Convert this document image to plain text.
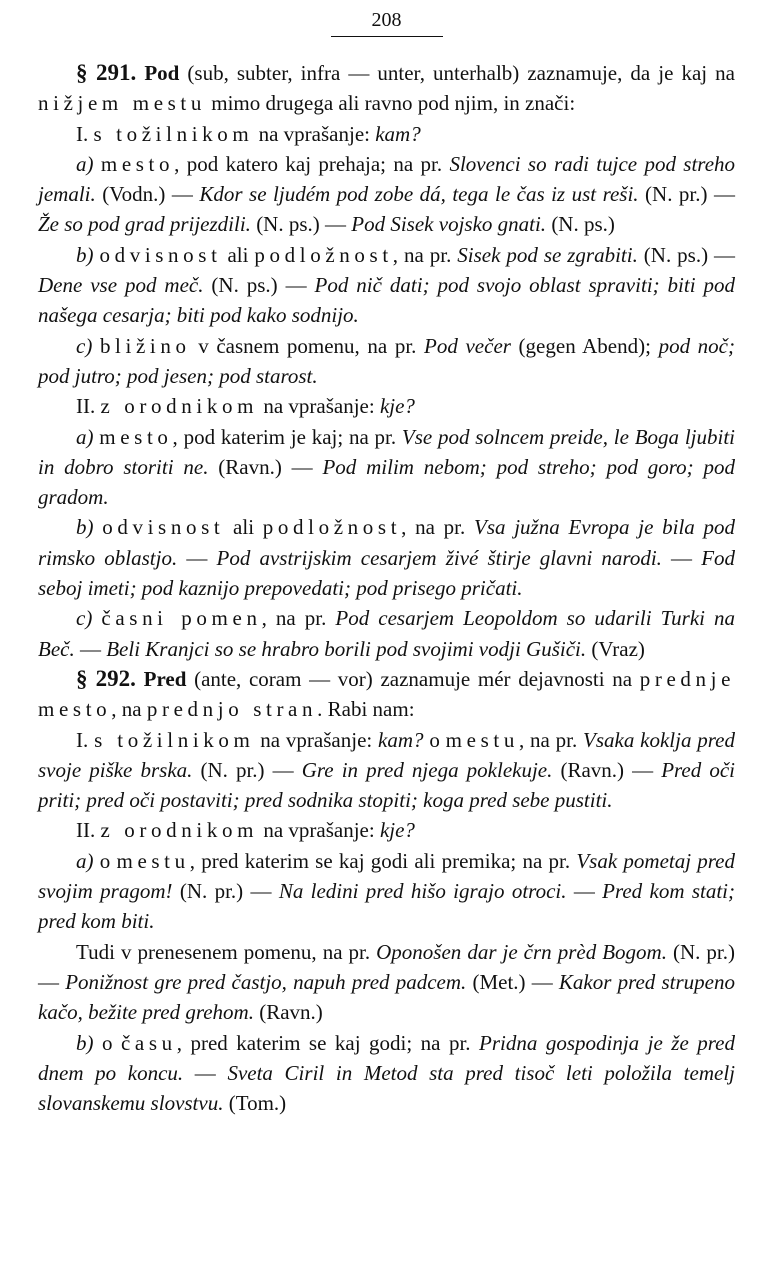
208

§ 291. Pod (sub, subter, infra — unter, unterhalb) zaznamuje, da je kaj na nižjem mestu mimo drugega ali ravno pod njim, in znači:

I. s tožilnikom na vprašanje: kam?

a) mesto, pod katero kaj prehaja; na pr. Slovenci so radi tujce pod streho jemali. (Vodn.) — Kdor se ljudém pod zobe dá, tega le čas iz ust reši. (N. pr.) — Že so pod grad prijezdili. (N. ps.) — Pod Sisek vojsko gnati. (N. ps.)

b) odvisnost ali podložnost, na pr. Sisek pod se zgrabiti. (N. ps.) — Dene vse pod meč. (N. ps.) — Pod nič dati; pod svojo oblast spraviti; biti pod našega cesarja; biti pod kako sodnijo.

c) bližino v časnem pomenu, na pr. Pod večer (gegen Abend); pod noč; pod jutro; pod jesen; pod starost.

II. z orodnikom na vprašanje: kje?

a) mesto, pod katerim je kaj; na pr. Vse pod solncem preide, le Boga ljubiti in dobro storiti ne. (Ravn.) — Pod milim nebom; pod streho; pod goro; pod gradom.

b) odvisnost ali podložnost, na pr. Vsa južna Evropa je bila pod rimsko oblastjo. — Pod avstrijskim cesarjem živé štirje glavni narodi. — Fod seboj imeti; pod kaznijo prepovedati; pod prisego pričati.

c) časni pomen, na pr. Pod cesarjem Leopoldom so udarili Turki na Beč. — Beli Kranjci so se hrabro borili pod svojimi vodji Gušiči. (Vraz)

§ 292. Pred (ante, coram — vor) zaznamuje mér dejavnosti na prednje mesto, na prednjo stran. Rabi nam:

I. s tožilnikom na vprašanje: kam? o mestu, na pr. Vsaka koklja pred svoje piške brska. (N. pr.) — Gre in pred njega poklekuje. (Ravn.) — Pred oči priti; pred oči postaviti; pred sodnika stopiti; koga pred sebe pustiti.

II. z orodnikom na vprašanje: kje?

a) o mestu, pred katerim se kaj godi ali premika; na pr. Vsak pometaj pred svojim pragom! (N. pr.) — Na ledini pred hišo igrajo otroci. — Pred kom stati; pred kom biti.

Tudi v prenesenem pomenu, na pr. Oponošen dar je črn prèd Bogom. (N. pr.) — Ponižnost gre pred častjo, napuh pred padcem. (Met.) — Kakor pred strupeno kačo, bežite pred grehom. (Ravn.)

b) o času, pred katerim se kaj godi; na pr. Pridna gospodinja je že pred dnem po koncu. — Sveta Ciril in Metod sta pred tisoč leti položila temelj slovanskemu slovstvu. (Tom.)
